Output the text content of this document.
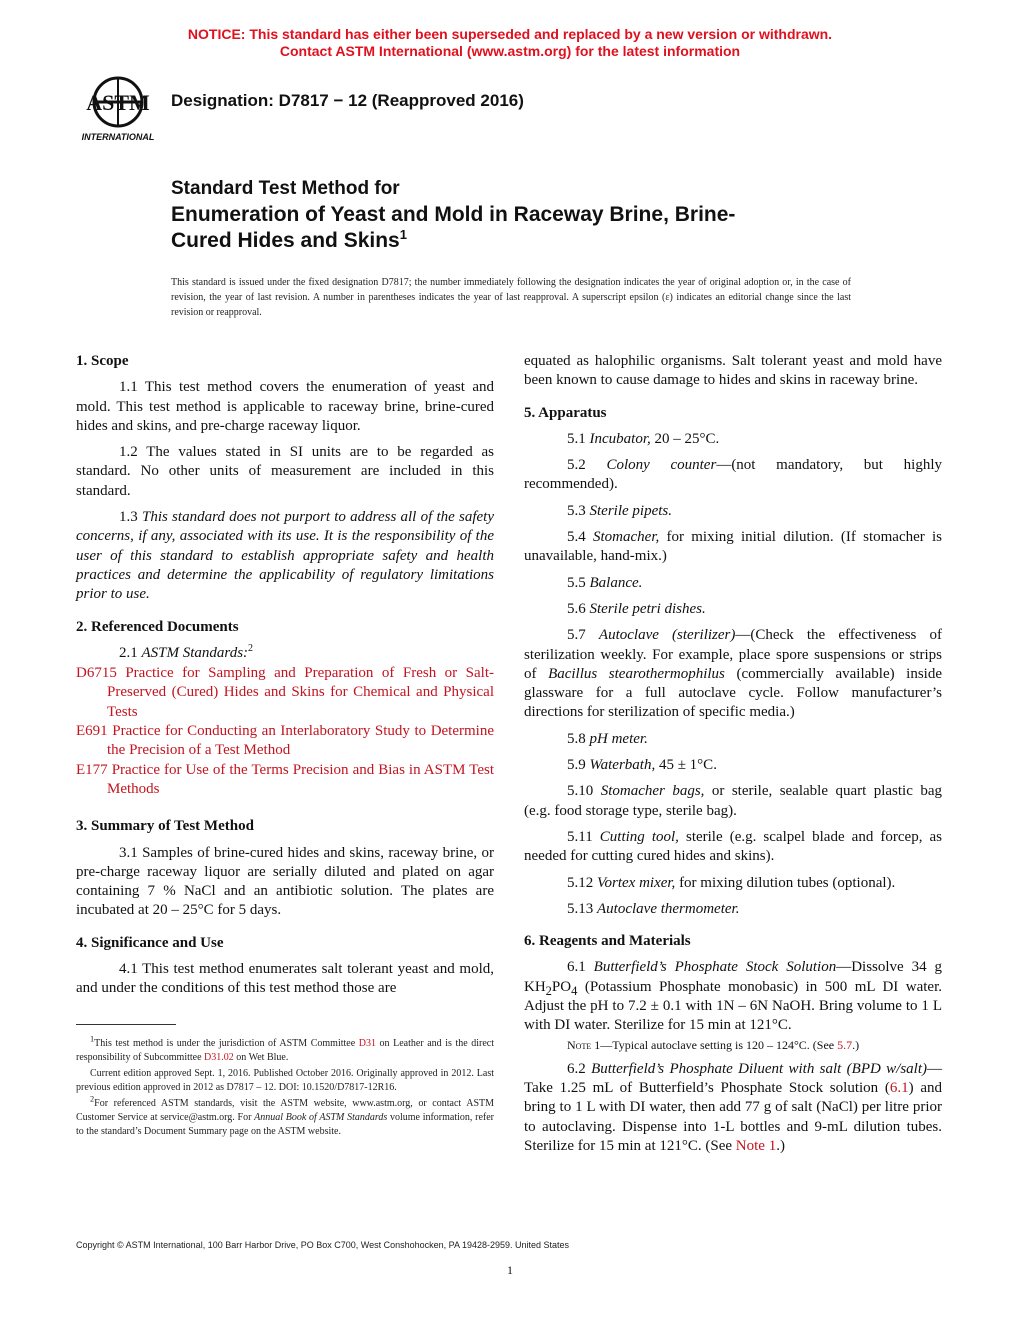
NOTICE: This standard has either been superseded and replaced by a new version or withdrawn.
Contact ASTM International (www.astm.org) for the latest information
ASTM
INTERNATIONAL
Designation: D7817 − 12 (Reapproved 2016)
Standard Test Method for
Enumeration of Yeast and Mold in Raceway Brine, Brine-
Cured Hides and Skins$^1$
This standard is issued under the fixed designation D7817; the number immediately following the designation indicates the year of original adoption or, in the case of revision, the year of last revision. A number in parentheses indicates the year of last reapproval. A superscript epsilon (ε) indicates an editorial change since the last revision or reapproval.

1. Scope

1.1 This test method covers the enumeration of yeast and mold. This test method is applicable to raceway brine, brine-cured hides and skins, and pre-charge raceway liquor.

1.2 The values stated in SI units are to be regarded as standard. No other units of measurement are included in this standard.

1.3 This standard does not purport to address all of the safety concerns, if any, associated with its use. It is the responsibility of the user of this standard to establish appropriate safety and health practices and determine the applicability of regulatory limitations prior to use.

2. Referenced Documents

2.1 ASTM Standards:$^2$

D6715 Practice for Sampling and Preparation of Fresh or Salt-Preserved (Cured) Hides and Skins for Chemical and Physical Tests

E691 Practice for Conducting an Interlaboratory Study to Determine the Precision of a Test Method

E177 Practice for Use of the Terms Precision and Bias in ASTM Test Methods

3. Summary of Test Method

3.1 Samples of brine-cured hides and skins, raceway brine, or pre-charge raceway liquor are serially diluted and plated on agar containing 7 % NaCl and an antibiotic solution. The plates are incubated at 20 – 25°C for 5 days.

4. Significance and Use

4.1 This test method enumerates salt tolerant yeast and mold, and under the conditions of this test method those are

$^1$This test method is under the jurisdiction of ASTM Committee D31 on Leather and is the direct responsibility of Subcommittee D31.02 on Wet Blue.

Current edition approved Sept. 1, 2016. Published October 2016. Originally approved in 2012. Last previous edition approved in 2012 as D7817 – 12. DOI: 10.1520/D7817-12R16.

$^2$For referenced ASTM standards, visit the ASTM website, www.astm.org, or contact ASTM Customer Service at service@astm.org. For Annual Book of ASTM Standards volume information, refer to the standard’s Document Summary page on the ASTM website.

equated as halophilic organisms. Salt tolerant yeast and mold have been known to cause damage to hides and skins in raceway brine.

5. Apparatus

5.1 Incubator, 20 – 25°C.

5.2 Colony counter—(not mandatory, but highly recommended).

5.3 Sterile pipets.

5.4 Stomacher, for mixing initial dilution. (If stomacher is unavailable, hand-mix.)

5.5 Balance.

5.6 Sterile petri dishes.

5.7 Autoclave (sterilizer)—(Check the effectiveness of sterilization weekly. For example, place spore suspensions or strips of Bacillus stearothermophilus (commercially available) inside glassware for a full autoclave cycle. Follow manufacturer’s directions for sterilization of specific media.)

5.8 pH meter.

5.9 Waterbath, 45 ± 1°C.

5.10 Stomacher bags, or sterile, sealable quart plastic bag (e.g. food storage type, sterile bag).

5.11 Cutting tool, sterile (e.g. scalpel blade and forcep, as needed for cutting cured hides and skins).

5.12 Vortex mixer, for mixing dilution tubes (optional).

5.13 Autoclave thermometer.

6. Reagents and Materials

6.1 Butterfield’s Phosphate Stock Solution—Dissolve 34 g $KH_2PO_4$ (Potassium Phosphate monobasic) in 500 mL DI water. Adjust the pH to 7.2 ± 0.1 with 1N – 6N NaOH. Bring volume to 1 L with DI water. Sterilize for 15 min at 121°C.

Note 1—Typical autoclave setting is 120 – 124°C. (See 5.7.)

6.2 Butterfield’s Phosphate Diluent with salt (BPD w/salt)—Take 1.25 mL of Butterfield’s Phosphate Stock solution (6.1) and bring to 1 L with DI water, then add 77 g of salt (NaCl) per litre prior to autoclaving. Dispense into 1-L bottles and 9-mL dilution tubes. Sterilize for 15 min at 121°C. (See Note 1.)

Copyright © ASTM International, 100 Barr Harbor Drive, PO Box C700, West Conshohocken, PA 19428-2959. United States
1
